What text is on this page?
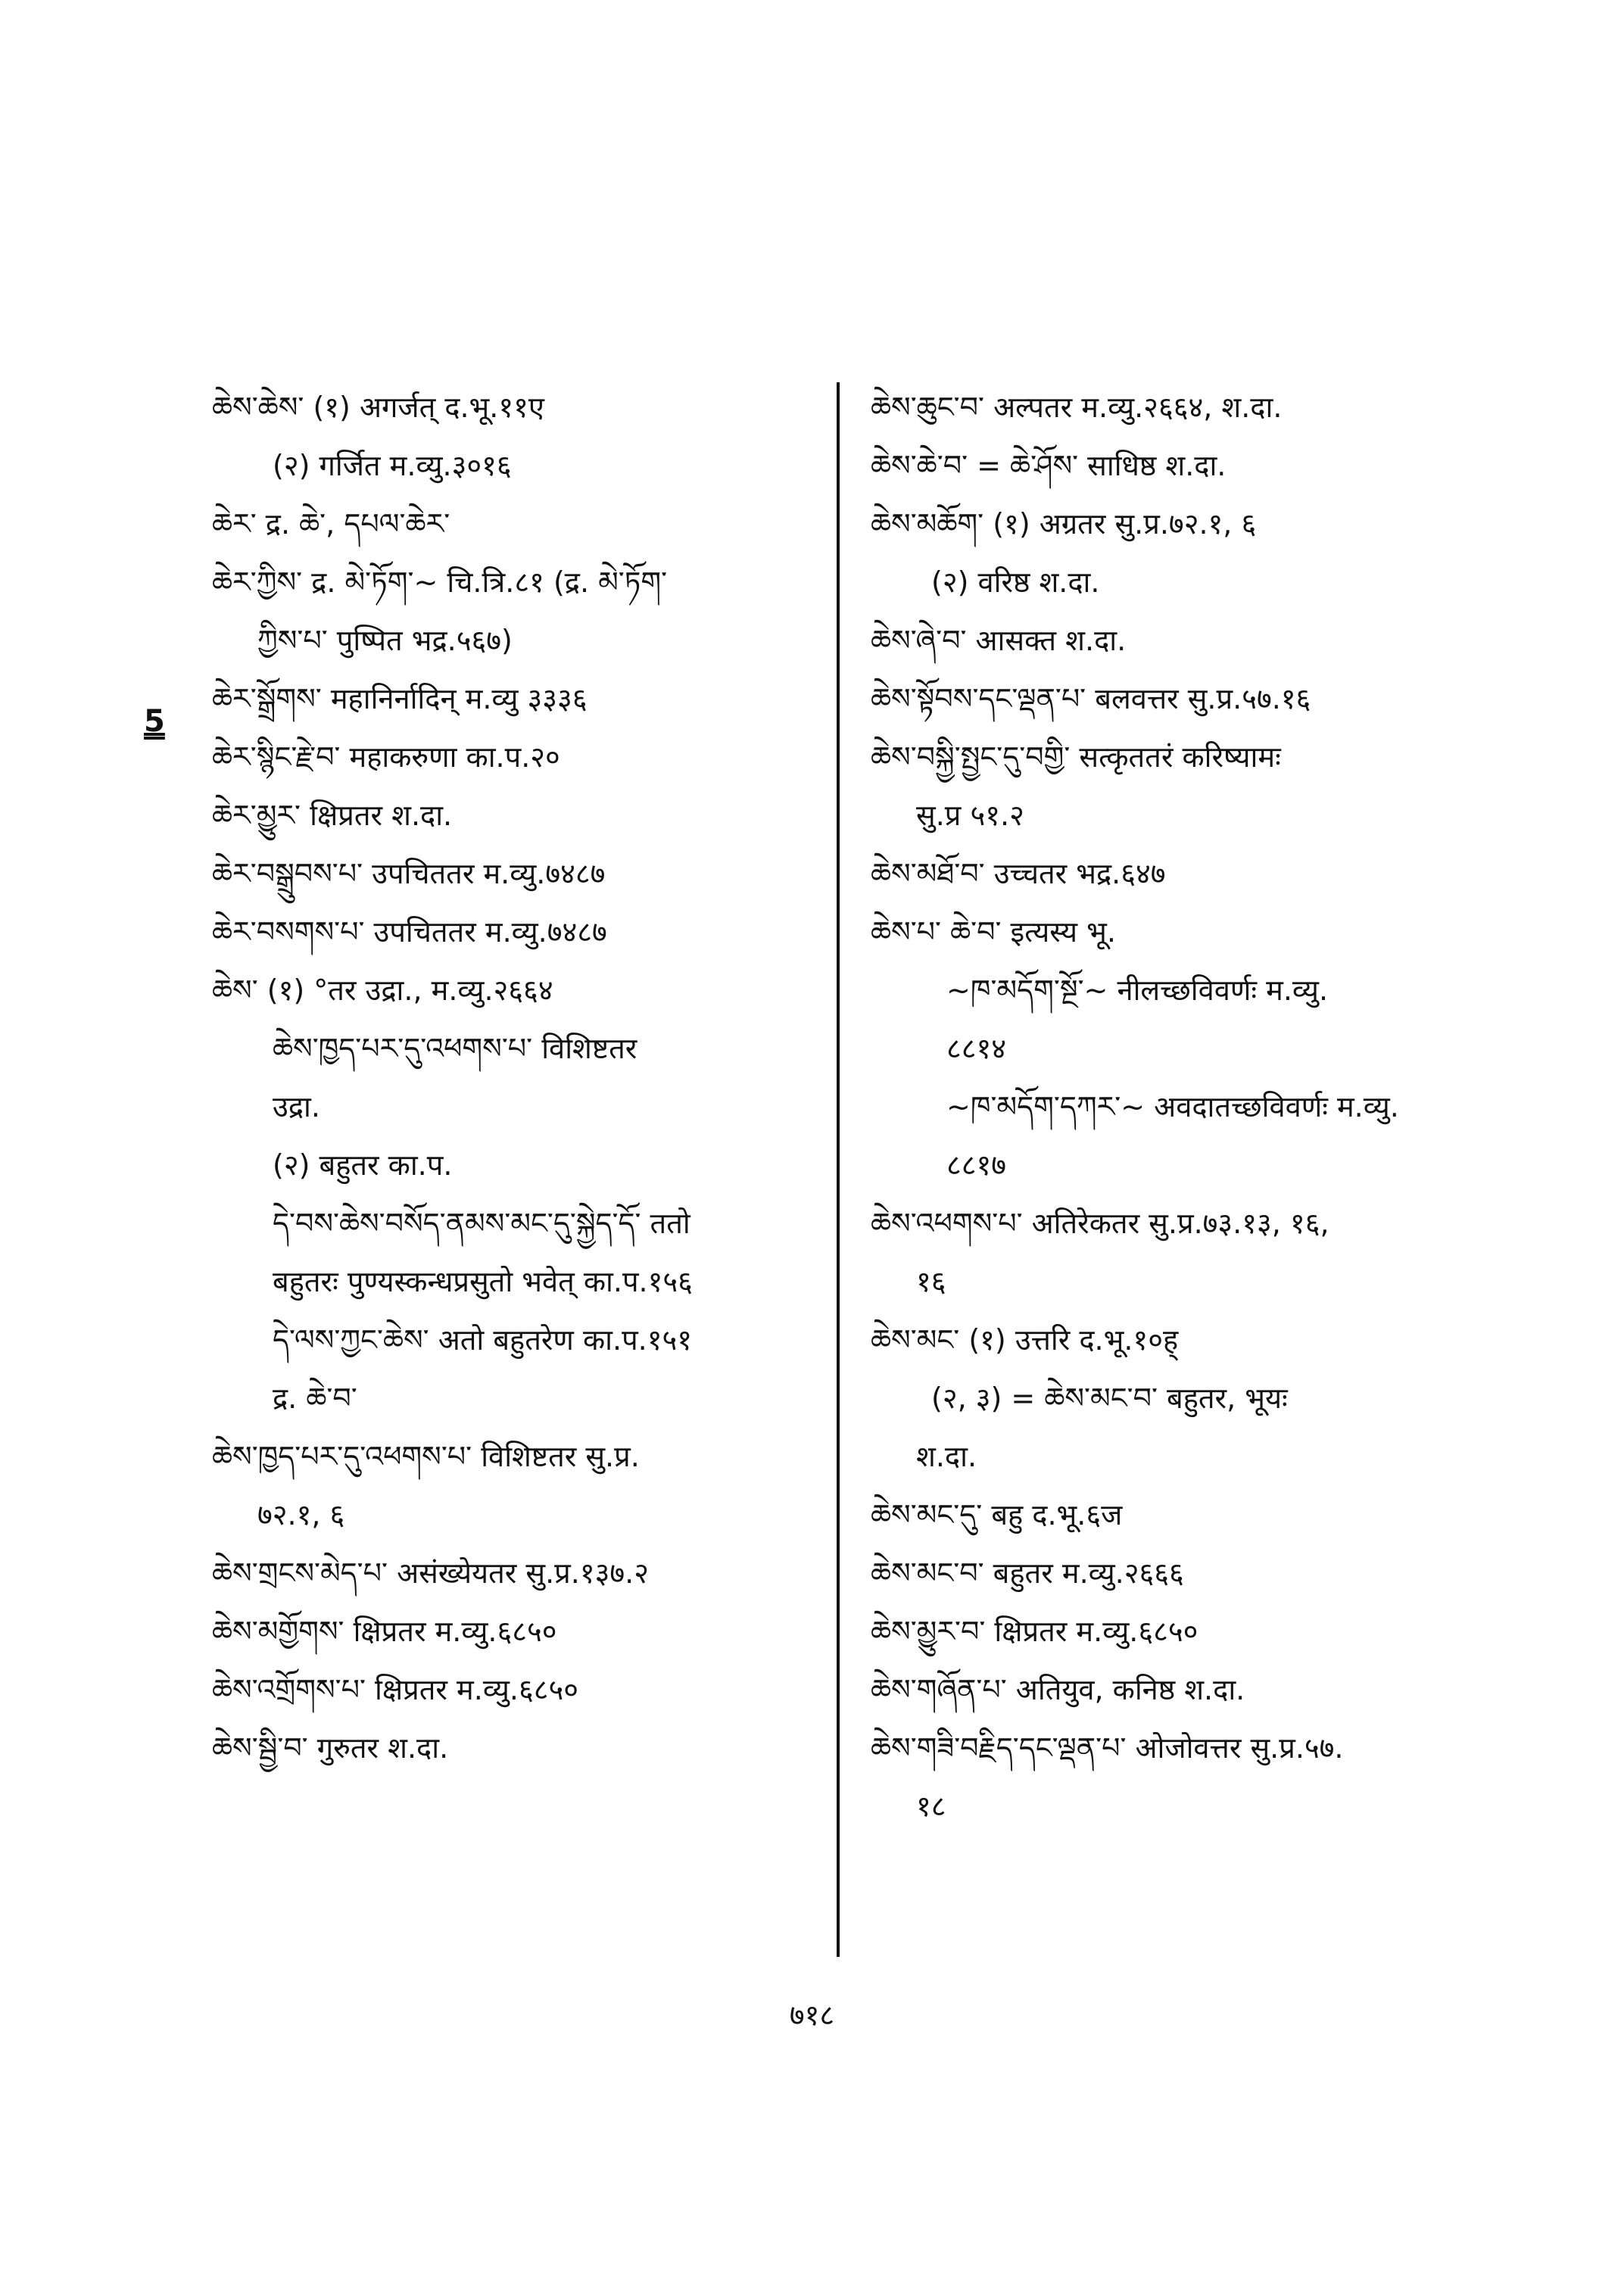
5

ཆེས་ཆེས་ (१) अगर्जत् द.भू.११ए

(२) गर्जित म.व्यु.३०१६

ཆེར་ द्र. ཆེ་, དཔལ་ཆེར་

ཆེར་ཀྱིས་ द्र. མེ་ཏོག་~ चि.त्रि.८१ (द्र. མེ་ཏོག་

ཀྱིས་པ་ पुष्पित भद्र.५६७)

ཆེར་སྒྲོགས་ महानिर्नादिन् म.व्यु ३३३६

ཆེར་སྙིང་རྗེ་བ་ महाकरुणा का.प.२०

ཆེར་མྱུར་ क्षिप्रतर श.दा.

ཆེར་བསྒྲུབས་པ་ उपचिततर म.व्यु.७४८७

ཆེར་བསགས་པ་ उपचिततर म.व्यु.७४८७

ཆེས་ (१) °तर उद्रा., म.व्यु.२६६४

ཆེས་ཁྱད་པར་དུ་འཕགས་པ་ विशिष्टतर

उद्रा.

(२) बहुतर का.प.

དེ་བས་ཆེས་བསོད་ནམས་མང་དུ་སྐྱེད་དོ་ ततो

बहुतरः पुण्यस्कन्धप्रसुतो भवेत् का.प.१५६

དེ་ལས་ཀྱང་ཆེས་ अतो बहुतरेण का.प.१५१

द्र. ཆེ་བ་

ཆེས་ཁྱད་པར་དུ་འཕགས་པ་ विशिष्टतर सु.प्र.

७२.१, ६

ཆེས་གྲངས་མེད་པ་ असंख्येयतर सु.प्र.१३७.२

ཆེས་མགྱོགས་ क्षिप्रतर म.व्यु.६८५०

ཆེས་འགྲོགས་པ་ क्षिप्रतर म.व्यु.६८५०

ཆེས་སྦྱི་བ་ गुरुतर श.दा.

ཆེས་ཆུང་བ་ अल्पतर म.व्यु.२६६४, श.दा.

ཆེས་ཆེ་བ་ = ཆེ་ཤོས་ साधिष्ठ श.दा.

ཆེས་མཆོག་ (१) अग्रतर सु.प्र.७२.१, ६

(२) वरिष्ठ श.दा.

ཆེས་ཞེ་བ་ आसक्त श.दा.

ཆེས་སྟོབས་དང་ལྡན་པ་ बलवत्तर सु.प्र.५७.१६

ཆེས་བསྐྱི་སྤྱང་དུ་བགྱི་ सत्कृततरं करिष्यामः

सु.प्र ५१.२

ཆེས་མཐོ་བ་ उच्चतर भद्र.६४७

ཆེས་པ་ ཆེ་བ་ इत्यस्य भू.

~ཁ་མདོག་སྔོ་~ नीलच्छविवर्णः म.व्यु.

८८१४

~ཁ་མདོག་དཀར་~ अवदातच्छविवर्णः म.व्यु.

८८१७

ཆེས་འཕགས་པ་ अतिरेकतर सु.प्र.७३.१३, १६,

१६

ཆེས་མང་ (१) उत्तरि द.भू.१०ह्

(२, ३) = ཆེས་མང་བ་ बहुतर, भूयः

श.दा.

ཆེས་མང་དུ་ बहु द.भू.६ज

ཆེས་མང་བ་ बहुतर म.व्यु.२६६६

ཆེས་མྱུར་བ་ क्षिप्रतर म.व्यु.६८५०

ཆེས་གཞོན་པ་ अतियुव, कनिष्ठ श.दा.

ཆེས་གཟི་བརྗིད་དང་ལྡན་པ་ ओजोवत्तर सु.प्र.५७.

१८

७१८
